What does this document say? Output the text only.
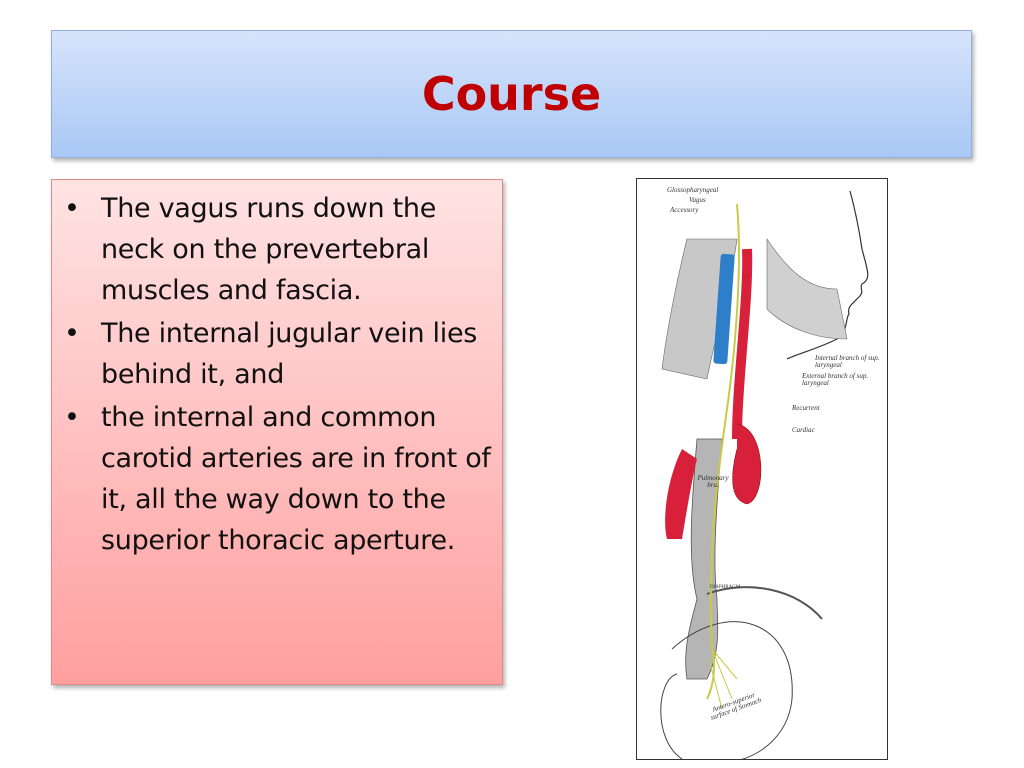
Course
• The vagus runs down the neck on the prevertebral muscles and fascia.
• The internal jugular vein lies behind it, and
• the internal and common carotid arteries are in front of it, all the way down to the superior thoracic aperture.
Glossopharyngeal
Vagus
Accessory
Internal branch of sup. laryngeal
External branch of sup. laryngeal
Recurrent
Cardiac
Pulmonary bra.
DIAPHRAGM
Antero-superior surface of Stomach
